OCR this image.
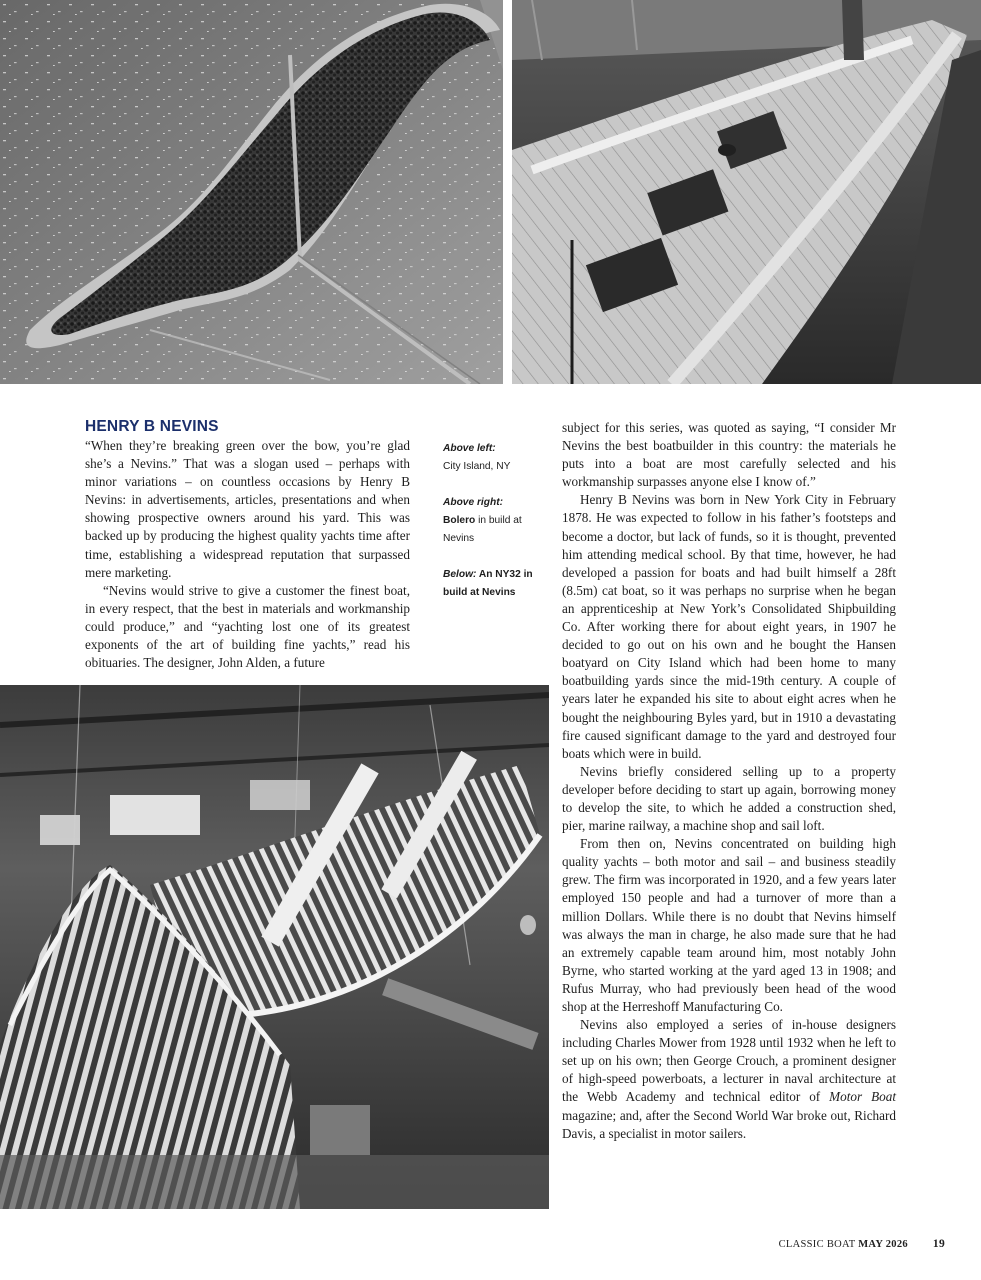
HENRY B NEVINS

“When they’re breaking green over the bow, you’re glad she’s a Nevins.” That was a slogan used – perhaps with minor variations – on countless occasions by Henry B Nevins: in advertisements, articles, presentations and when showing prospective owners around his yard. This was backed up by producing the highest quality yachts time after time, establishing a widespread reputation that surpassed mere marketing.

“Nevins would strive to give a customer the finest boat, in every respect, that the best in materials and workmanship could produce,” and “yachting lost one of its greatest exponents of the art of building fine yachts,” read his obituaries. The designer, John Alden, a future

Above left:
City Island, NY
Above right:
Bolero in build at Nevins
Below: An NY32 in build at Nevins

subject for this series, was quoted as saying, “I consider Mr Nevins the best boatbuilder in this country: the materials he puts into a boat are most carefully selected and his workmanship surpasses anyone else I know of.”

Henry B Nevins was born in New York City in February 1878. He was expected to follow in his father’s footsteps and become a doctor, but lack of funds, so it is thought, prevented him attending medical school. By that time, however, he had developed a passion for boats and had built himself a 28ft (8.5m) cat boat, so it was perhaps no surprise when he began an apprenticeship at New York’s Consolidated Shipbuilding Co. After working there for about eight years, in 1907 he decided to go out on his own and he bought the Hansen boatyard on City Island which had been home to many boatbuilding yards since the mid-19th century. A couple of years later he expanded his site to about eight acres when he bought the neighbouring Byles yard, but in 1910 a devastating fire caused significant damage to the yard and destroyed four boats which were in build.

Nevins briefly considered selling up to a property developer before deciding to start up again, borrowing money to develop the site, to which he added a construction shed, pier, marine railway, a machine shop and sail loft.

From then on, Nevins concentrated on building high quality yachts – both motor and sail – and business steadily grew. The firm was incorporated in 1920, and a few years later employed 150 people and had a turnover of more than a million Dollars. While there is no doubt that Nevins himself was always the man in charge, he also made sure that he had an extremely capable team around him, most notably John Byrne, who started working at the yard aged 13 in 1908; and Rufus Murray, who had previously been head of the wood shop at the Herreshoff Manufacturing Co.

Nevins also employed a series of in-house designers including Charles Mower from 1928 until 1932 when he left to set up on his own; then George Crouch, a prominent designer of high-speed powerboats, a lecturer in naval architecture at the Webb Academy and technical editor of Motor Boat magazine; and, after the Second World War broke out, Richard Davis, a specialist in motor sailers.

CLASSIC BOAT MAY 2026 19
